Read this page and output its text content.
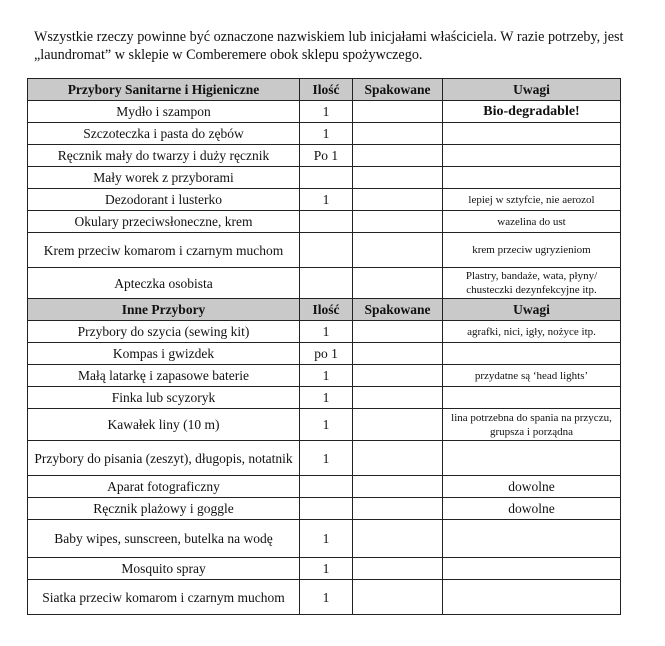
Wszystkie rzeczy powinne być oznaczone nazwiskiem lub inicjałami właściciela. W razie potrzeby, jest „laundromat” w sklepie w Comberemere obok sklepu spożywczego.

Przybory Sanitarne i Higieniczne	Ilość	Spakowane	Uwagi
Mydło i szampon	1		Bio-degradable!
Szczoteczka i pasta do zębów	1		
Ręcznik mały do twarzy i duży ręcznik	Po 1		
Mały worek z przyborami			
Dezodorant i lusterko	1		lepiej w sztyfcie, nie aerozol
Okulary przeciwsłoneczne, krem			wazelina do ust
Krem przeciw komarom i czarnym muchom			krem przeciw ugryzieniom
Apteczka osobista			Plastry, bandaże, wata, płyny/ chusteczki dezynfekcyjne itp.
Inne Przybory	Ilość	Spakowane	Uwagi
Przybory do szycia (sewing kit)	1		agrafki, nici, igły, nożyce itp.
Kompas i gwizdek	po 1		
Małą latarkę i zapasowe baterie	1		przydatne są ‘head lights’
Finka lub scyzoryk	1		
Kawałek liny (10 m)	1		lina potrzebna do spania na przyczu, grupsza i porządna
Przybory do pisania (zeszyt), długopis, notatnik	1		
Aparat fotograficzny			dowolne
Ręcznik plażowy i goggle			dowolne
Baby wipes, sunscreen, butelka na wodę	1		
Mosquito spray	1		
Siatka przeciw komarom i czarnym muchom	1		
